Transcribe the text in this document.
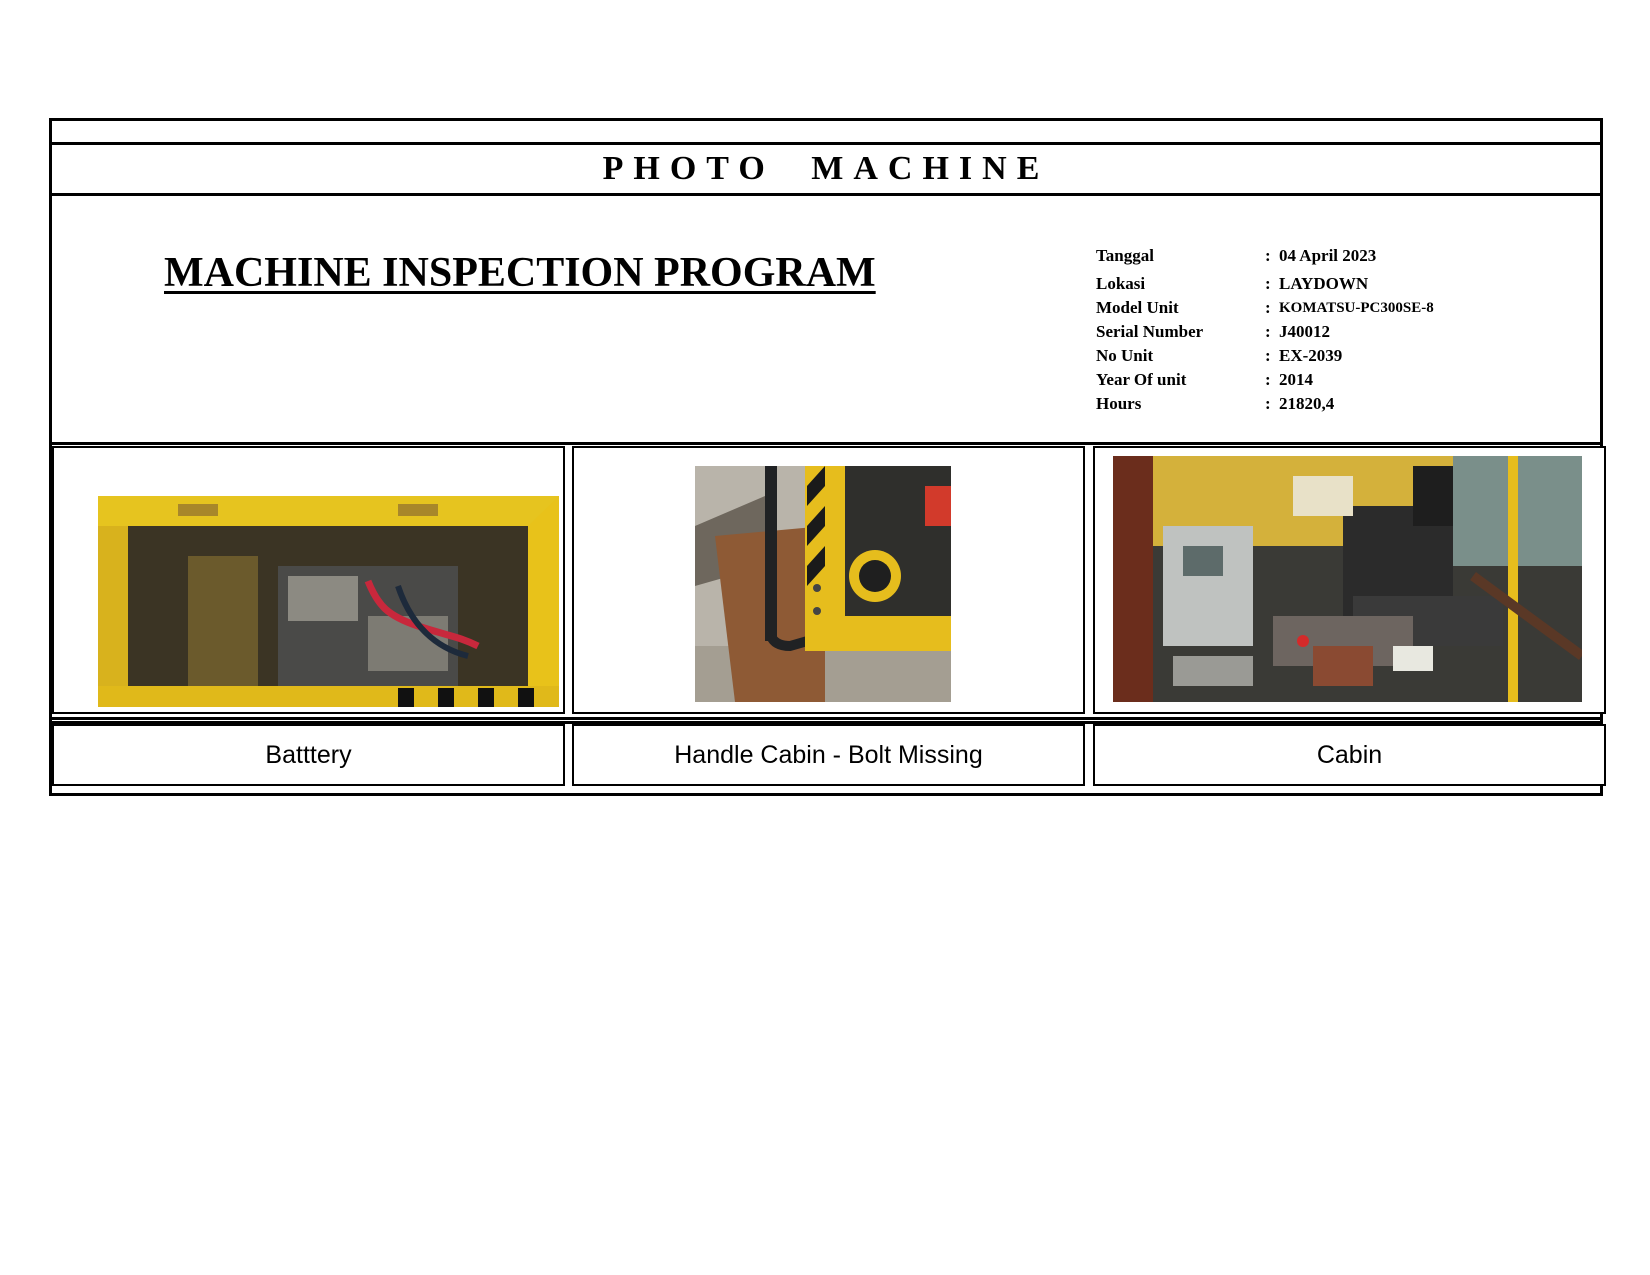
PHOTO MACHINE
MACHINE INSPECTION PROGRAM	Tanggal	: 04 April 2023
Lokasi	: LAYDOWN
Model Unit	: KOMATSU-PC300SE-8
Serial Number	: J40012
No Unit	: EX-2039
Year Of unit	: 2014
Hours	: 21820,4
Batttery	Handle Cabin - Bolt Missing	Cabin
